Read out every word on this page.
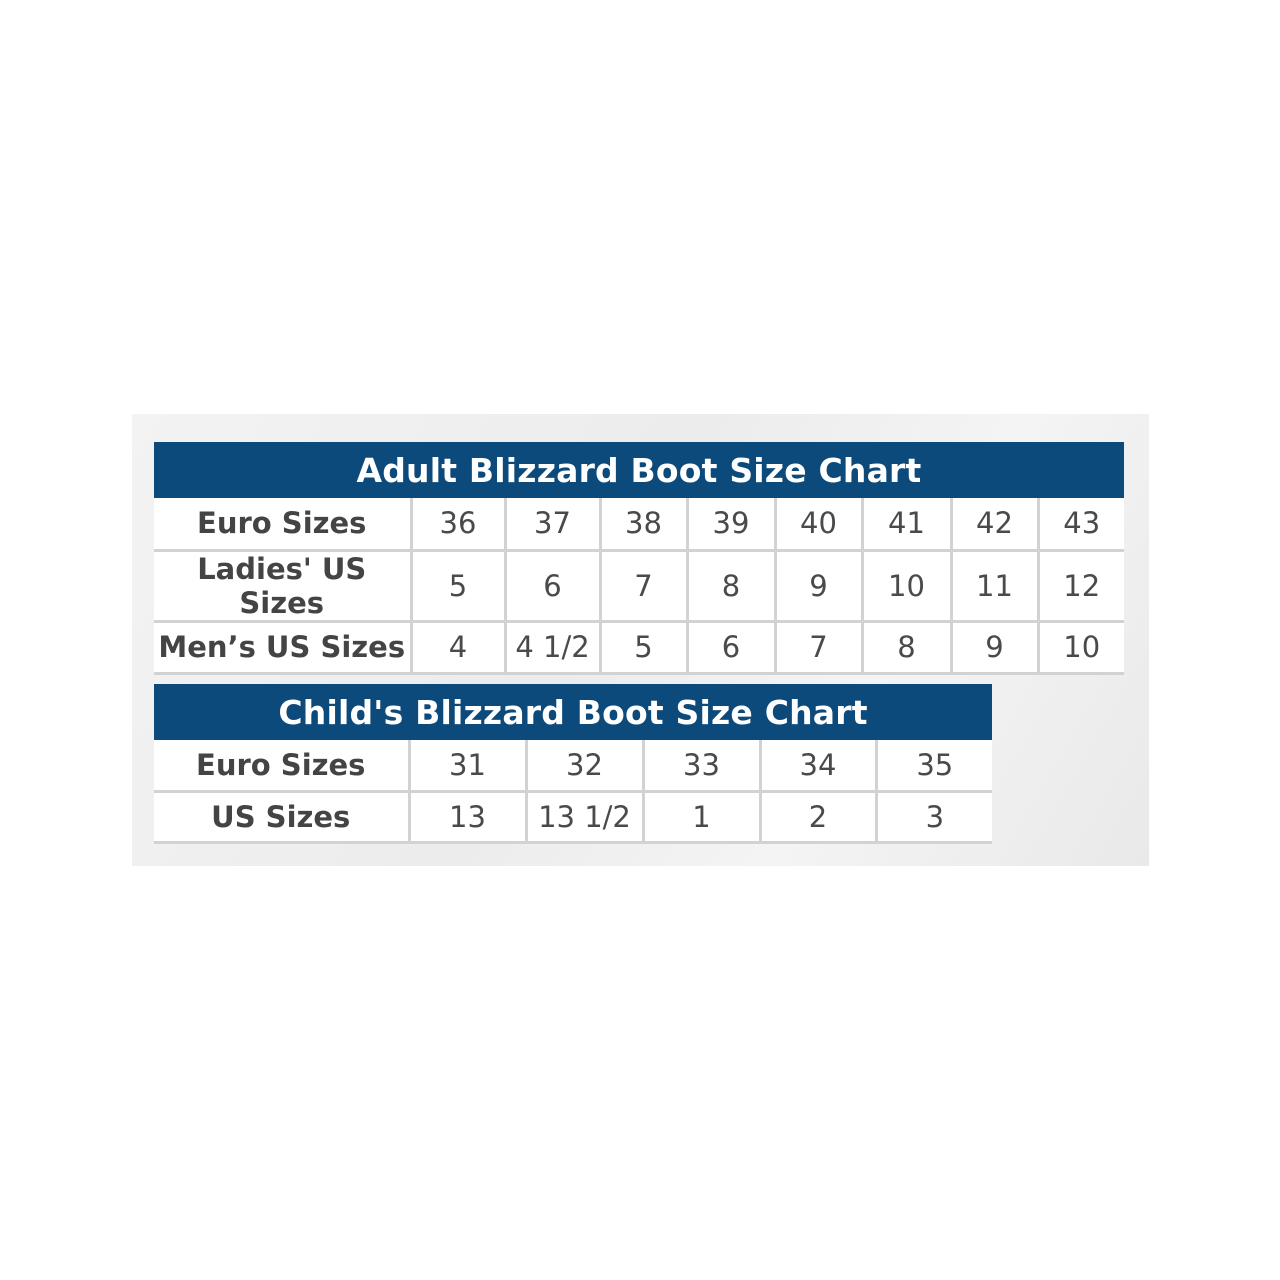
Adult Blizzard Boot Size Chart								
Euro Sizes	36	37	38	39	40	41	42	43
Ladies' US Sizes	5	6	7	8	9	10	11	12
Men’s US Sizes	4	4 1/2	5	6	7	8	9	10
Child's Blizzard Boot Size Chart					
Euro Sizes	31	32	33	34	35
US Sizes	13	13 1/2	1	2	3
